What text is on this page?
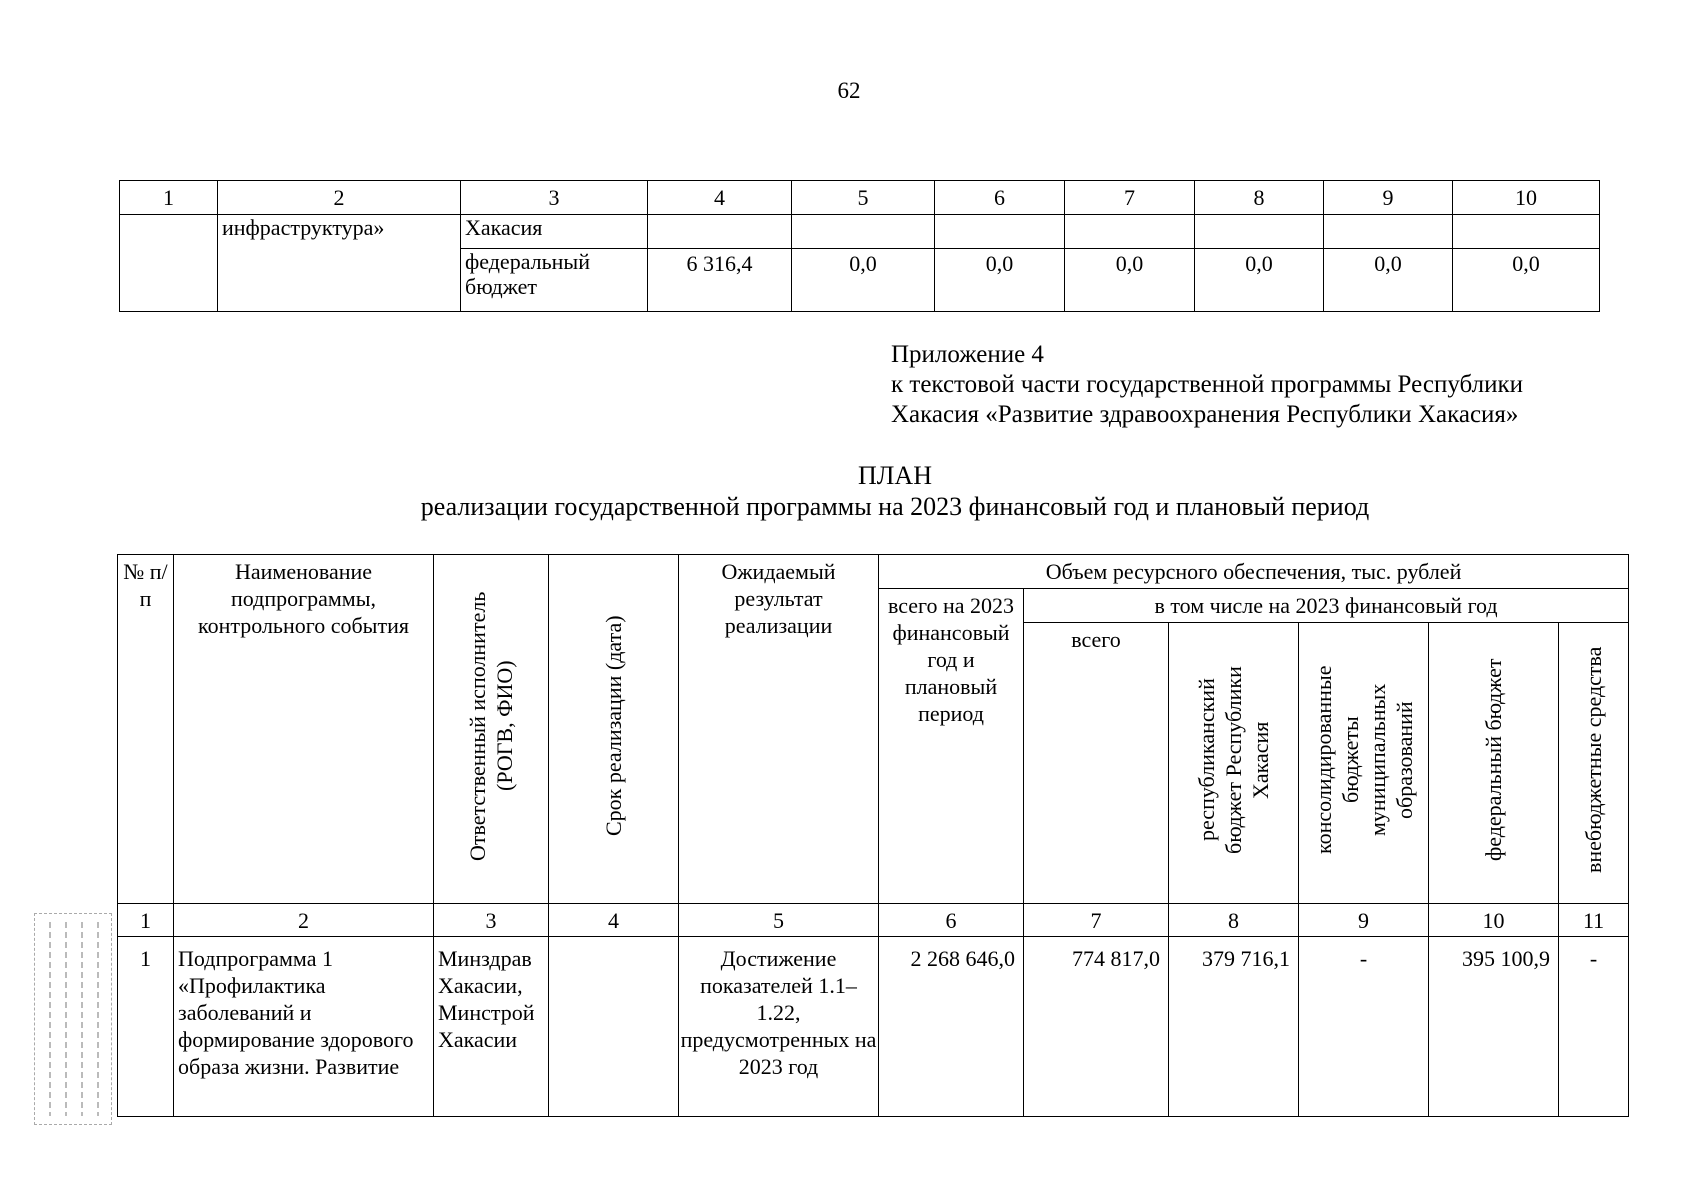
62
1	2	3	4	5	6	7	8	9	10
	инфраструктура»	Хакасия							
		федеральный бюджет	6 316,4	0,0	0,0	0,0	0,0	0,0	0,0
Приложение 4
к текстовой части государственной программы Республики
Хакасия «Развитие здравоохранения Республики Хакасия»
ПЛАН
реализации государственной программы на 2023 финансовый год и плановый период
№ п/п	Наименование подпрограммы, контрольного события	Ответственный исполнитель (РОГВ, ФИО)	Срок реализации (дата)	Ожидаемый результат реализации	Объем ресурсного обеспечения, тыс. рублей					
					всего на 2023 финансовый год и плановый период	в том числе на 2023 финансовый год				
						всего	республиканский бюджет Республики Хакасия	консолидированные бюджеты муниципальных образований	федеральный бюджет	внебюджетные средства
1	2	3	4	5	6	7	8	9	10	11
1	Подпрограмма 1 «Профилактика заболеваний и формирование здорового образа жизни. Развитие	Минздрав Хакасии, Минстрой Хакасии		Достижение показателей 1.1–1.22, предусмотренных на 2023 год	2 268 646,0	774 817,0	379 716,1	-	395 100,9	-
